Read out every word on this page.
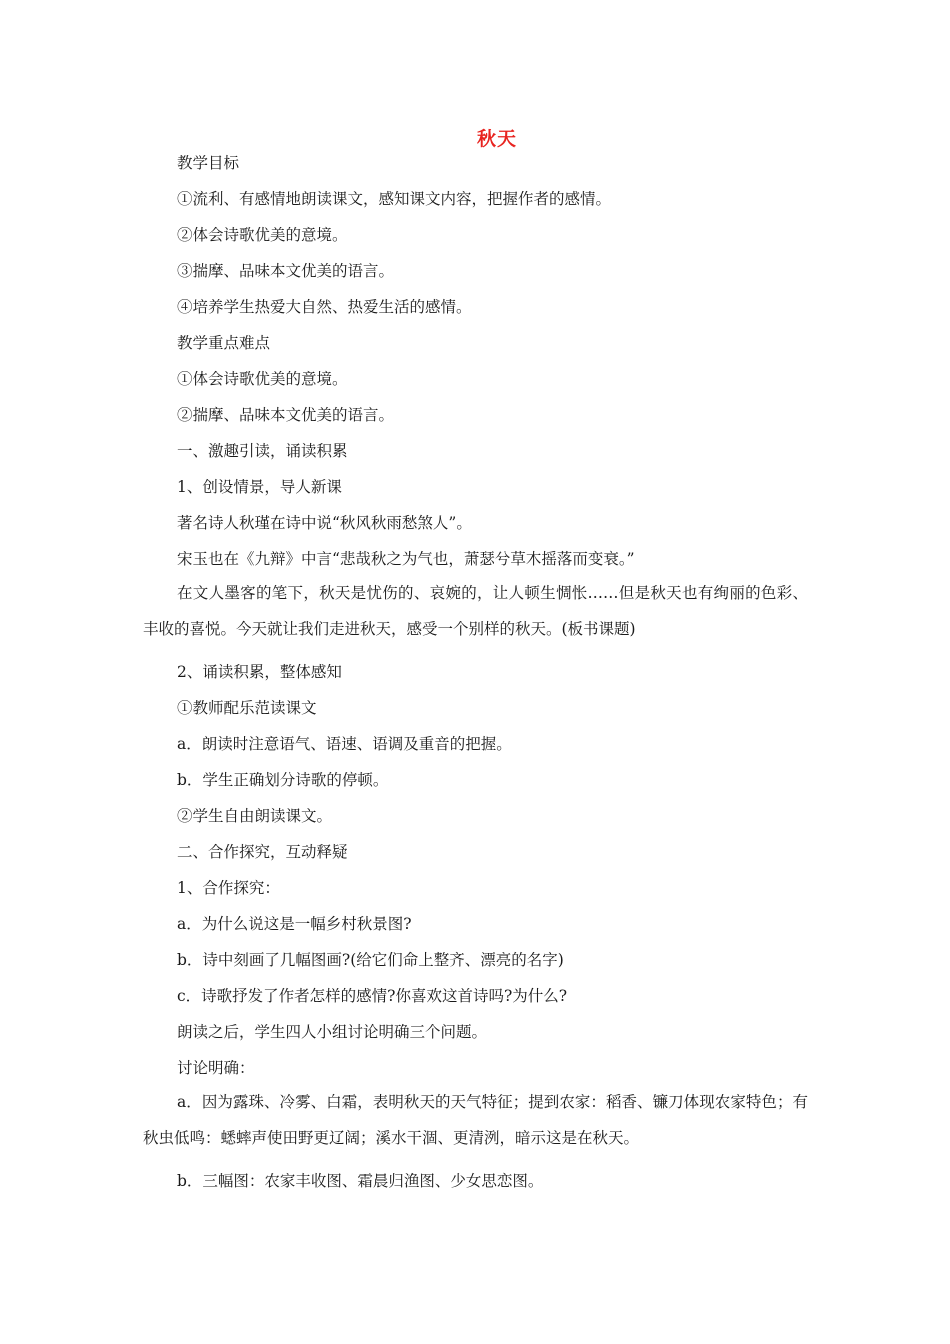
秋天
教学目标
①流利、有感情地朗读课文，感知课文内容，把握作者的感情。
②体会诗歌优美的意境。
③揣摩、品味本文优美的语言。
④培养学生热爱大自然、热爱生活的感情。
教学重点难点
①体会诗歌优美的意境。
②揣摩、品味本文优美的语言。
一、激趣引读，诵读积累
1、创设情景，导人新课
著名诗人秋瑾在诗中说“秋风秋雨愁煞人”。
宋玉也在《九辩》中言“悲哉秋之为气也，萧瑟兮草木摇落而变衰。”
在文人墨客的笔下，秋天是忧伤的、哀婉的，让人顿生惆怅……但是秋天也有绚丽的色彩、丰收的喜悦。今天就让我们走进秋天，感受一个别样的秋天。(板书课题)
2、诵读积累，整体感知
①教师配乐范读课文
a．朗读时注意语气、语速、语调及重音的把握。
b．学生正确划分诗歌的停顿。
②学生自由朗读课文。
二、合作探究，互动释疑
1、合作探究：
a．为什么说这是一幅乡村秋景图?
b．诗中刻画了几幅图画?(给它们命上整齐、漂亮的名字)
c．诗歌抒发了作者怎样的感情?你喜欢这首诗吗?为什么?
朗读之后，学生四人小组讨论明确三个问题。
讨论明确：
a．因为露珠、冷雾、白霜，表明秋天的天气特征；提到农家：稻香、镰刀体现农家特色；有秋虫低鸣：蟋蟀声使田野更辽阔；溪水干涸、更清洌，暗示这是在秋天。
b．三幅图：农家丰收图、霜晨归渔图、少女思恋图。
